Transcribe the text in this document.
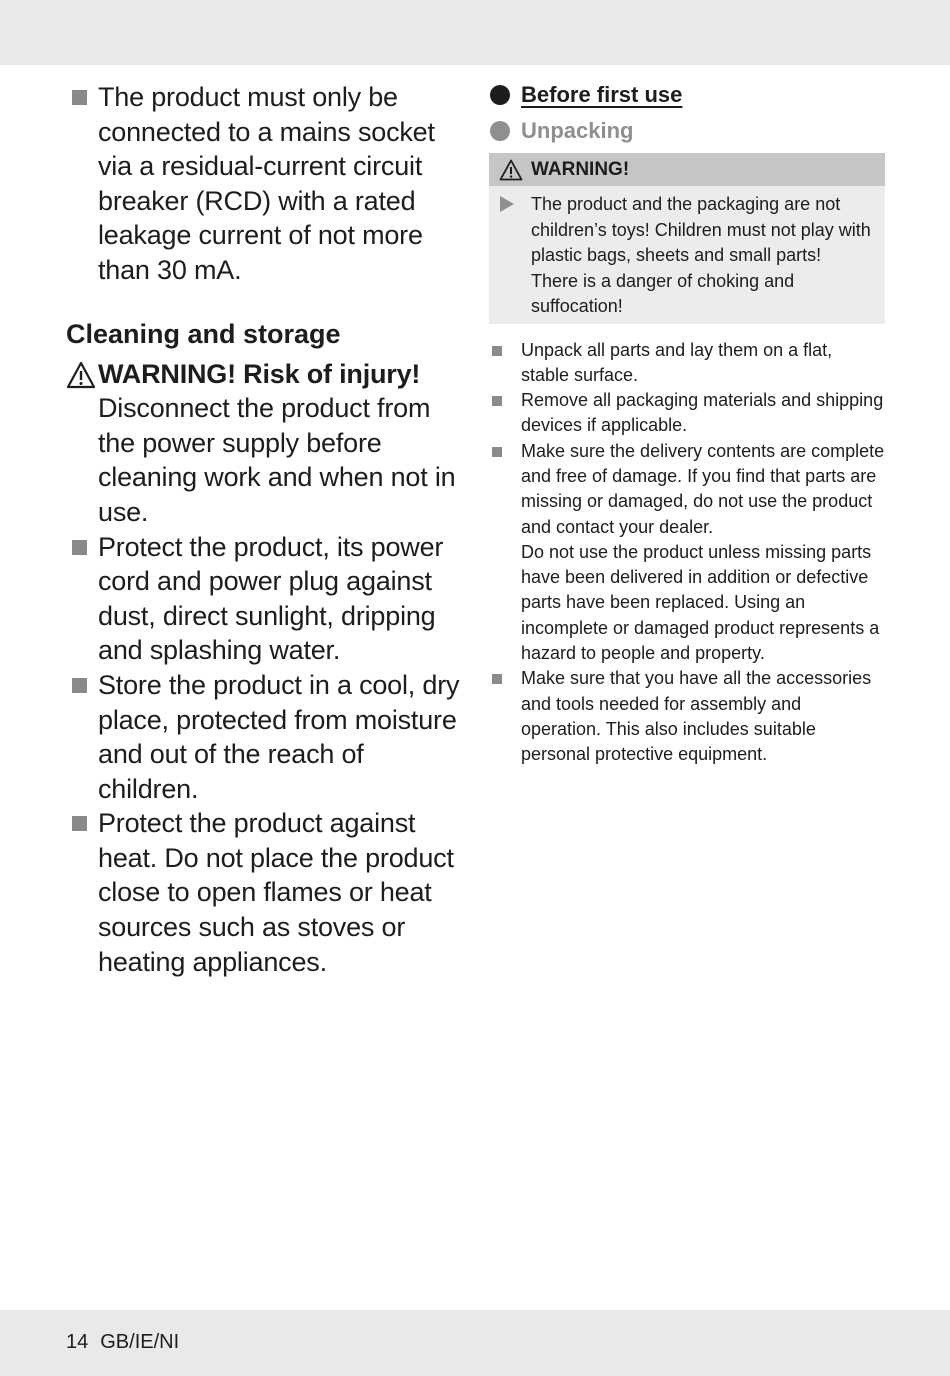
The product must only be connected to a mains socket via a residual-current circuit breaker (RCD) with a rated leakage current of not more than 30 mA.
Cleaning and storage
WARNING! Risk of injury! Disconnect the product from the power supply before cleaning work and when not in use.
Protect the product, its power cord and power plug against dust, direct sunlight, dripping and splashing water.
Store the product in a cool, dry place, protected from moisture and out of the reach of children.
Protect the product against heat. Do not place the product close to open flames or heat sources such as stoves or heating appliances.
Before first use
Unpacking
WARNING!
The product and the packaging are not children’s toys! Children must not play with plastic bags, sheets and small parts! There is a danger of choking and suffocation!

Unpack all parts and lay them on a flat, stable surface.

Remove all packaging materials and shipping devices if applicable.

Make sure the delivery contents are complete and free of damage. If you find that parts are missing or damaged, do not use the product and contact your dealer.

Do not use the product unless missing parts have been delivered in addition or defective parts have been replaced. Using an incomplete or damaged product represents a hazard to people and property.

Make sure that you have all the accessories and tools needed for assembly and operation. This also includes suitable personal protective equipment.

14 GB/IE/NI
